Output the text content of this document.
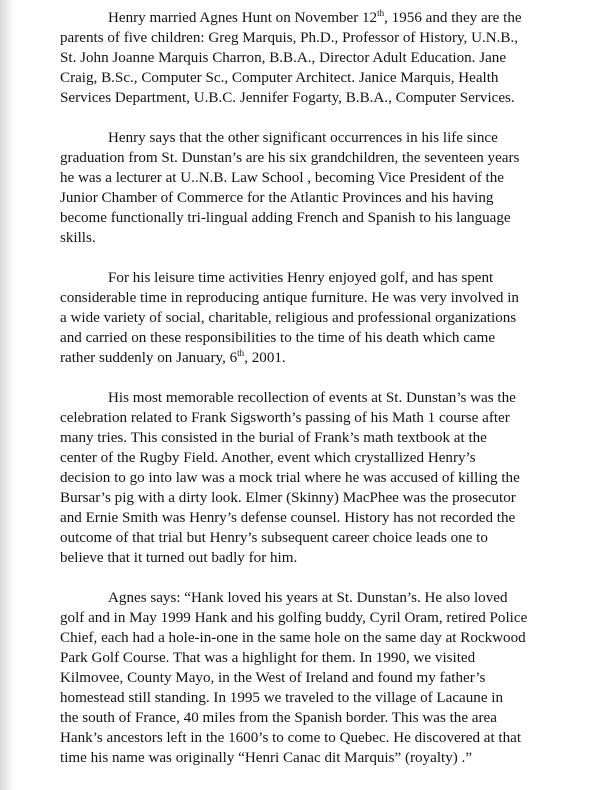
Henry married Agnes Hunt on November 12th, 1956 and they are the
parents of five children: Greg Marquis, Ph.D., Professor of History, U.N.B.,
St. John Joanne Marquis Charron, B.B.A., Director Adult Education. Jane
Craig, B.Sc., Computer Sc., Computer Architect. Janice Marquis, Health
Services Department, U.B.C. Jennifer Fogarty, B.B.A., Computer Services.

Henry says that the other significant occurrences in his life since
graduation from St. Dunstan’s are his six grandchildren, the seventeen years
he was a lecturer at U..N.B. Law School , becoming Vice President of the
Junior Chamber of Commerce for the Atlantic Provinces and his having
become functionally tri-lingual adding French and Spanish to his language
skills.

For his leisure time activities Henry enjoyed golf, and has spent
considerable time in reproducing antique furniture. He was very involved in
a wide variety of social, charitable, religious and professional organizations
and carried on these responsibilities to the time of his death which came
rather suddenly on January, 6th, 2001.

His most memorable recollection of events at St. Dunstan’s was the
celebration related to Frank Sigsworth’s passing of his Math 1 course after
many tries. This consisted in the burial of Frank’s math textbook at the
center of the Rugby Field. Another, event which crystallized Henry’s
decision to go into law was a mock trial where he was accused of killing the
Bursar’s pig with a dirty look. Elmer (Skinny) MacPhee was the prosecutor
and Ernie Smith was Henry’s defense counsel. History has not recorded the
outcome of that trial but Henry’s subsequent career choice leads one to
believe that it turned out badly for him.

Agnes says: “Hank loved his years at St. Dunstan’s. He also loved
golf and in May 1999 Hank and his golfing buddy, Cyril Oram, retired Police
Chief, each had a hole-in-one in the same hole on the same day at Rockwood
Park Golf Course. That was a highlight for them. In 1990, we visited
Kilmovee, County Mayo, in the West of Ireland and found my father’s
homestead still standing. In 1995 we traveled to the village of Lacaune in
the south of France, 40 miles from the Spanish border. This was the area
Hank’s ancestors left in the 1600’s to come to Quebec. He discovered at that
time his name was originally “Henri Canac dit Marquis” (royalty) .”
